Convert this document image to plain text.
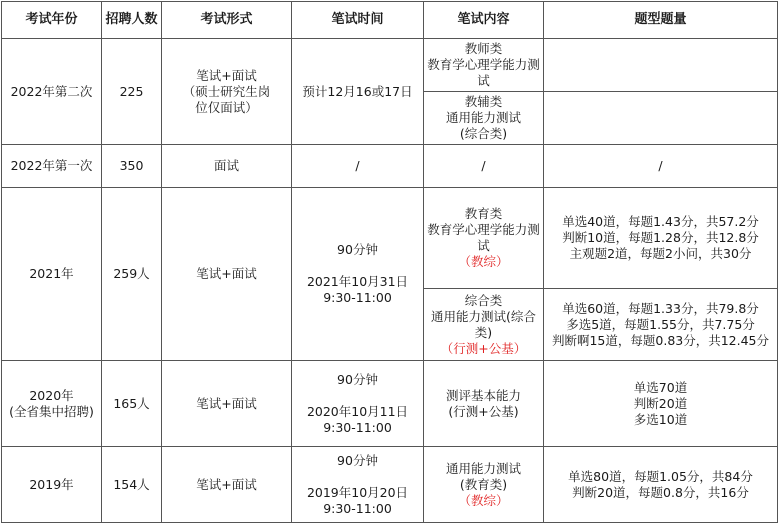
考试年份	招聘人数	考试形式	笔试时间	笔试内容	题型题量
2022年第二次	225	笔试+面试
（硕士研究生岗
位仅面试）	预计12月16或17日	教师类
教育学心理学能力测
试	

				教辅类
通用能力测试
(综合类)	

2022年第一次	350	面试	/	/	/
2021年	259人	笔试+面试	90分钟
2021年10月31日
9:30-11:00	教育类
教育学心理学能力测
试
（教综）	单选40道，每题1.43分，共57.2分
判断10道，每题1.28分，共12.8分
主观题2道，每题2小问，共30分

				综合类
通用能力测试(综合
类)
（行测+公基）	单选60道，每题1.33分，共79.8分
多选5道，每题1.55分，共7.75分
判断啊15道，每题0.83分，共12.45分

2020年
(全省集中招聘)	165人	笔试+面试	90分钟
2020年10月11日
9:30-11:00	测评基本能力
(行测+公基)	单选70道
判断20道
多选10道

2019年	154人	笔试+面试	90分钟
2019年10月20日
9:30-11:00	通用能力测试
(教育类)
（教综）	单选80道，每题1.05分，共84分
判断20道，每题0.8分，共16分
